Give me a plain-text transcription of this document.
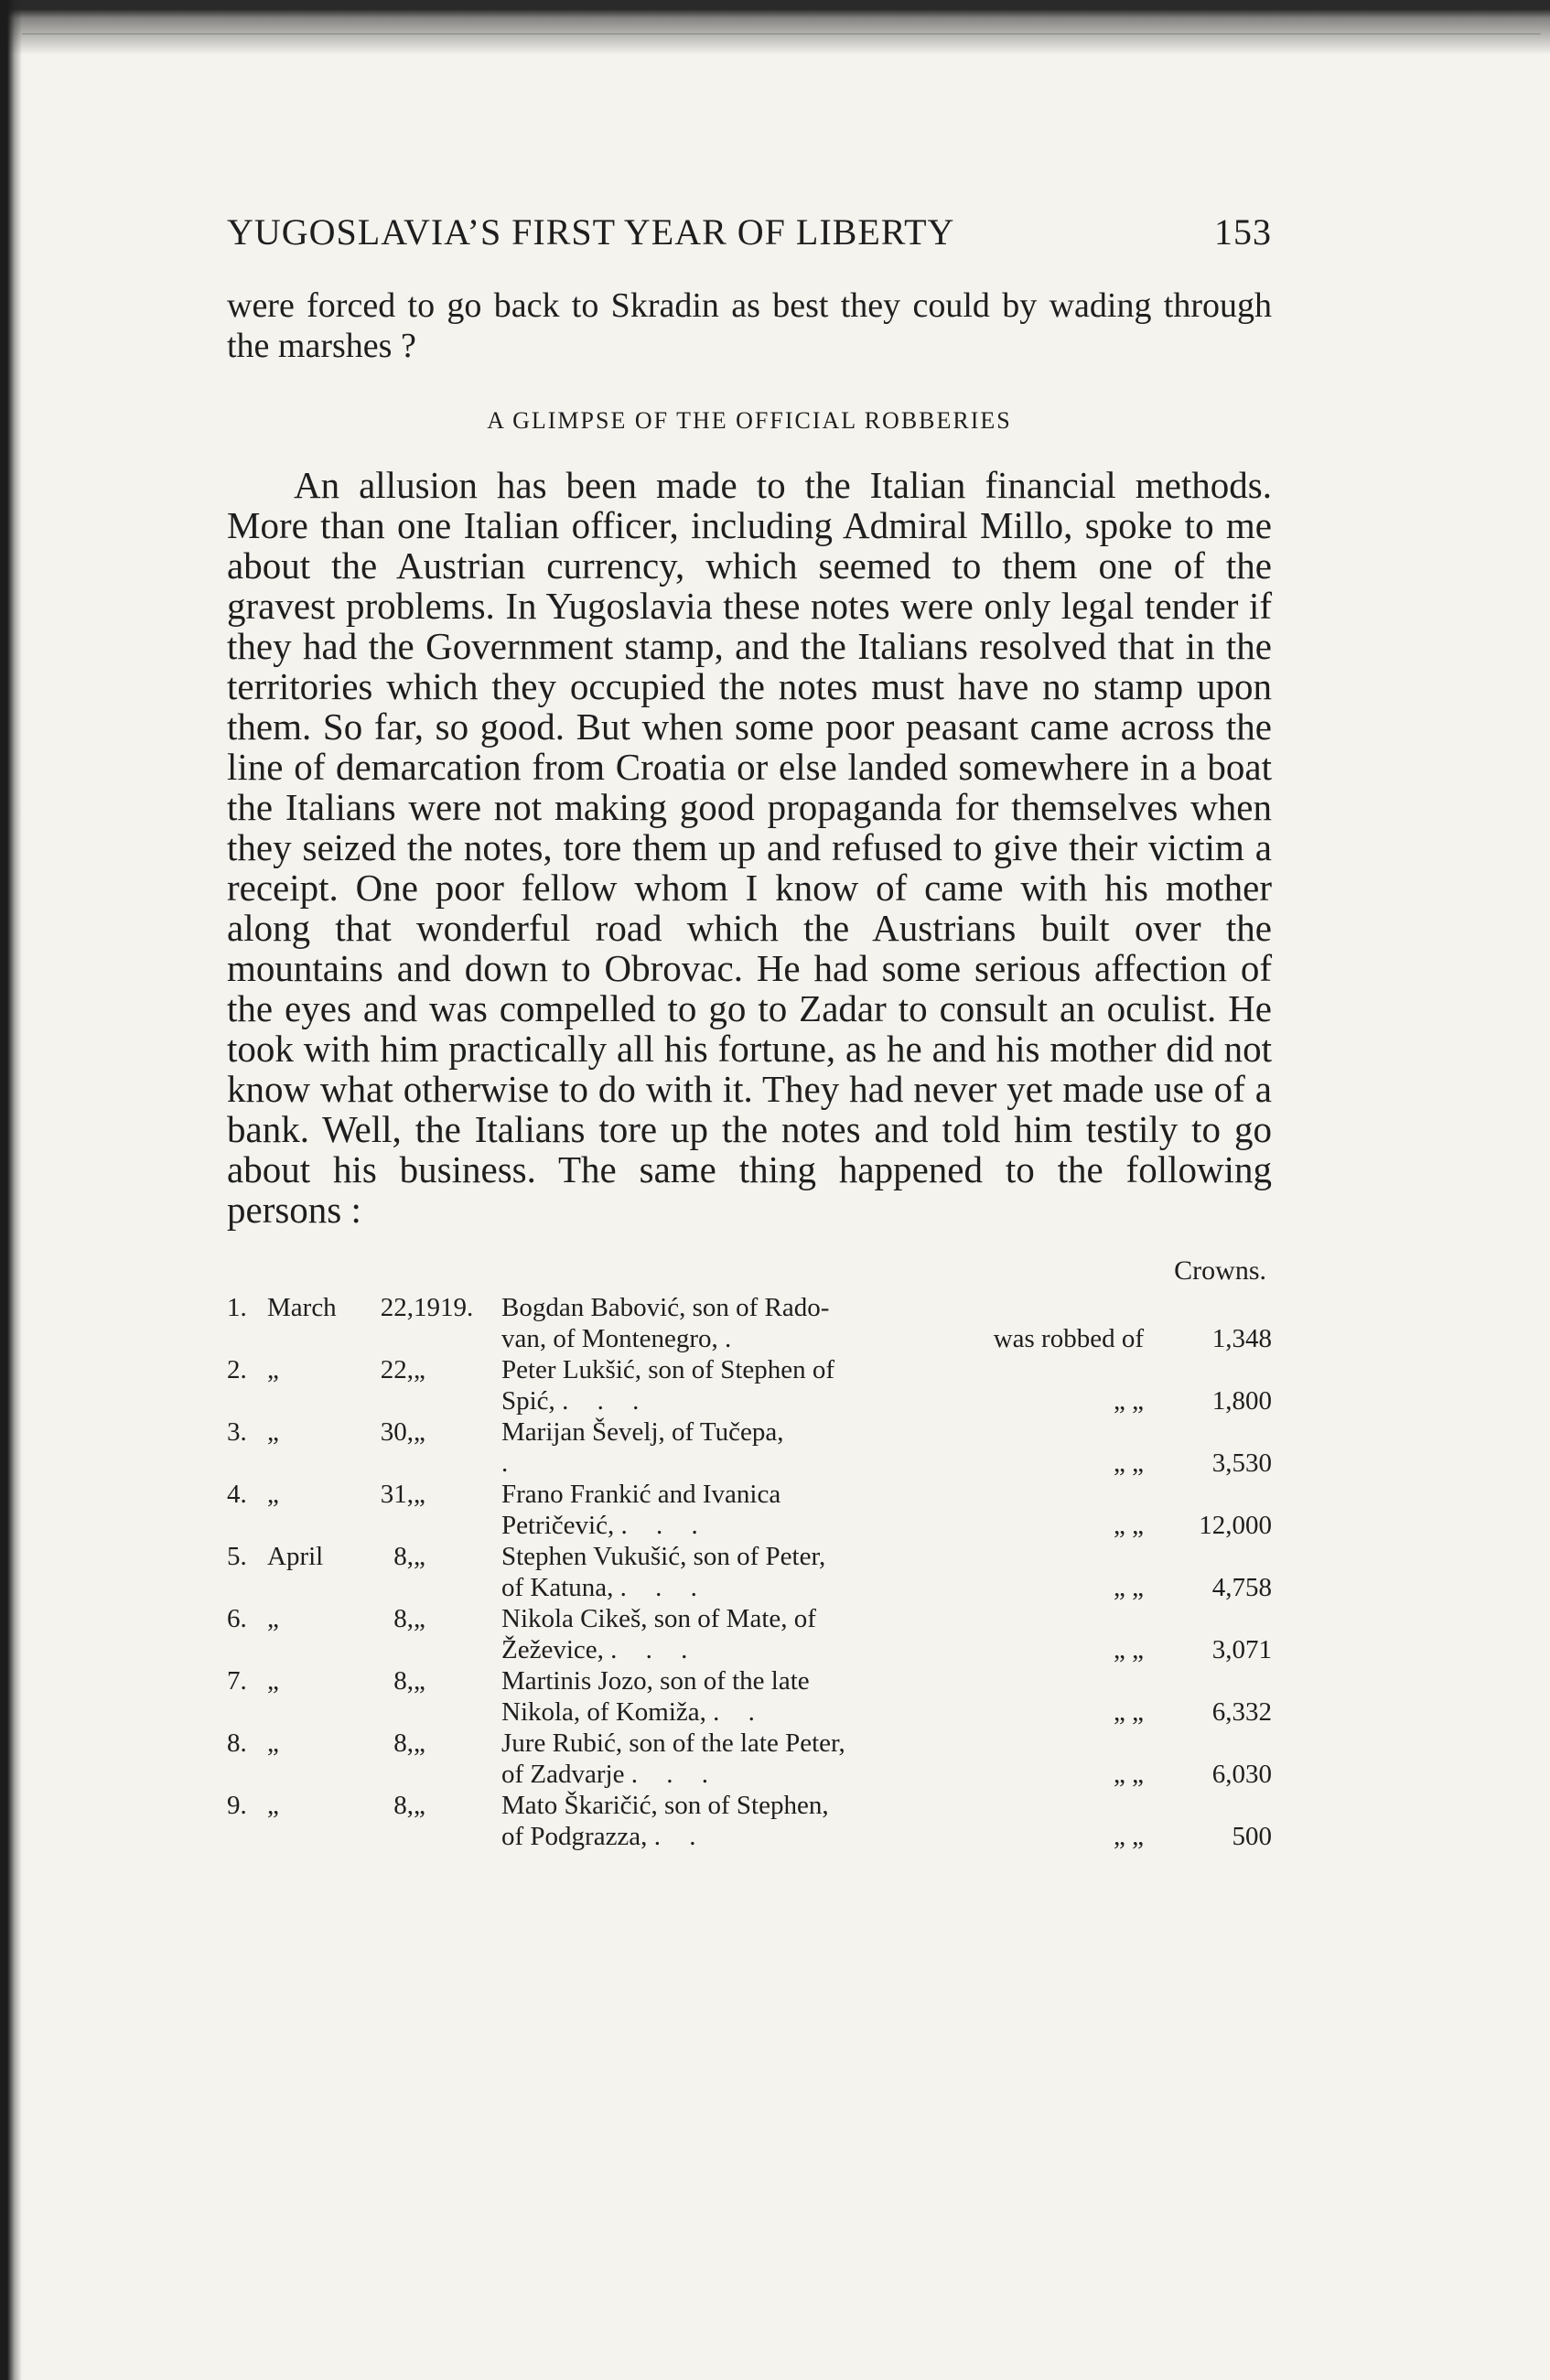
YUGOSLAVIA’S FIRST YEAR OF LIBERTY	153

were forced to go back to Skradin as best they could by wading through the marshes ?

A GLIMPSE OF THE OFFICIAL ROBBERIES

An allusion has been made to the Italian financial methods. More than one Italian officer, including Admiral Millo, spoke to me about the Austrian currency, which seemed to them one of the gravest problems. In Yugoslavia these notes were only legal tender if they had the Government stamp, and the Italians resolved that in the territories which they occupied the notes must have no stamp upon them. So far, so good. But when some poor peasant came across the line of demarcation from Croatia or else landed somewhere in a boat the Italians were not making good propaganda for themselves when they seized the notes, tore them up and refused to give their victim a receipt. One poor fellow whom I know of came with his mother along that wonderful road which the Austrians built over the mountains and down to Obrovac. He had some serious affection of the eyes and was compelled to go to Zadar to consult an oculist. He took with him practically all his fortune, as he and his mother did not know what otherwise to do with it. They had never yet made use of a bank. Well, the Italians tore up the notes and told him testily to go about his business. The same thing happened to the following persons :

Crowns.
1.	March	22,	1919.	Bogdan Babović, son of Rado-		
				van, of Montenegro, .	was robbed of	1,348
2.	„	22,	„	Peter Lukšić, son of Stephen of		
				Spić, . . .	„ „	1,800
3.	„	30,	„	Marijan Ševelj, of Tučepa,		
				.	„ „	3,530
4.	„	31,	„	Frano Frankić and Ivanica		
				Petričević, . . .	„ „	12,000
5.	April	8,	„	Stephen Vukušić, son of Peter,		
				of Katuna, . . .	„ „	4,758
6.	„	8,	„	Nikola Cikeš, son of Mate, of		
				Žeževice, . . .	„ „	3,071
7.	„	8,	„	Martinis Jozo, son of the late		
				Nikola, of Komiža, . .	„ „	6,332
8.	„	8,	„	Jure Rubić, son of the late Peter,		
				of Zadvarje . . .	„ „	6,030
9.	„	8,	„	Mato Škaričić, son of Stephen,		
				of Podgrazza, . .	„ „	500
